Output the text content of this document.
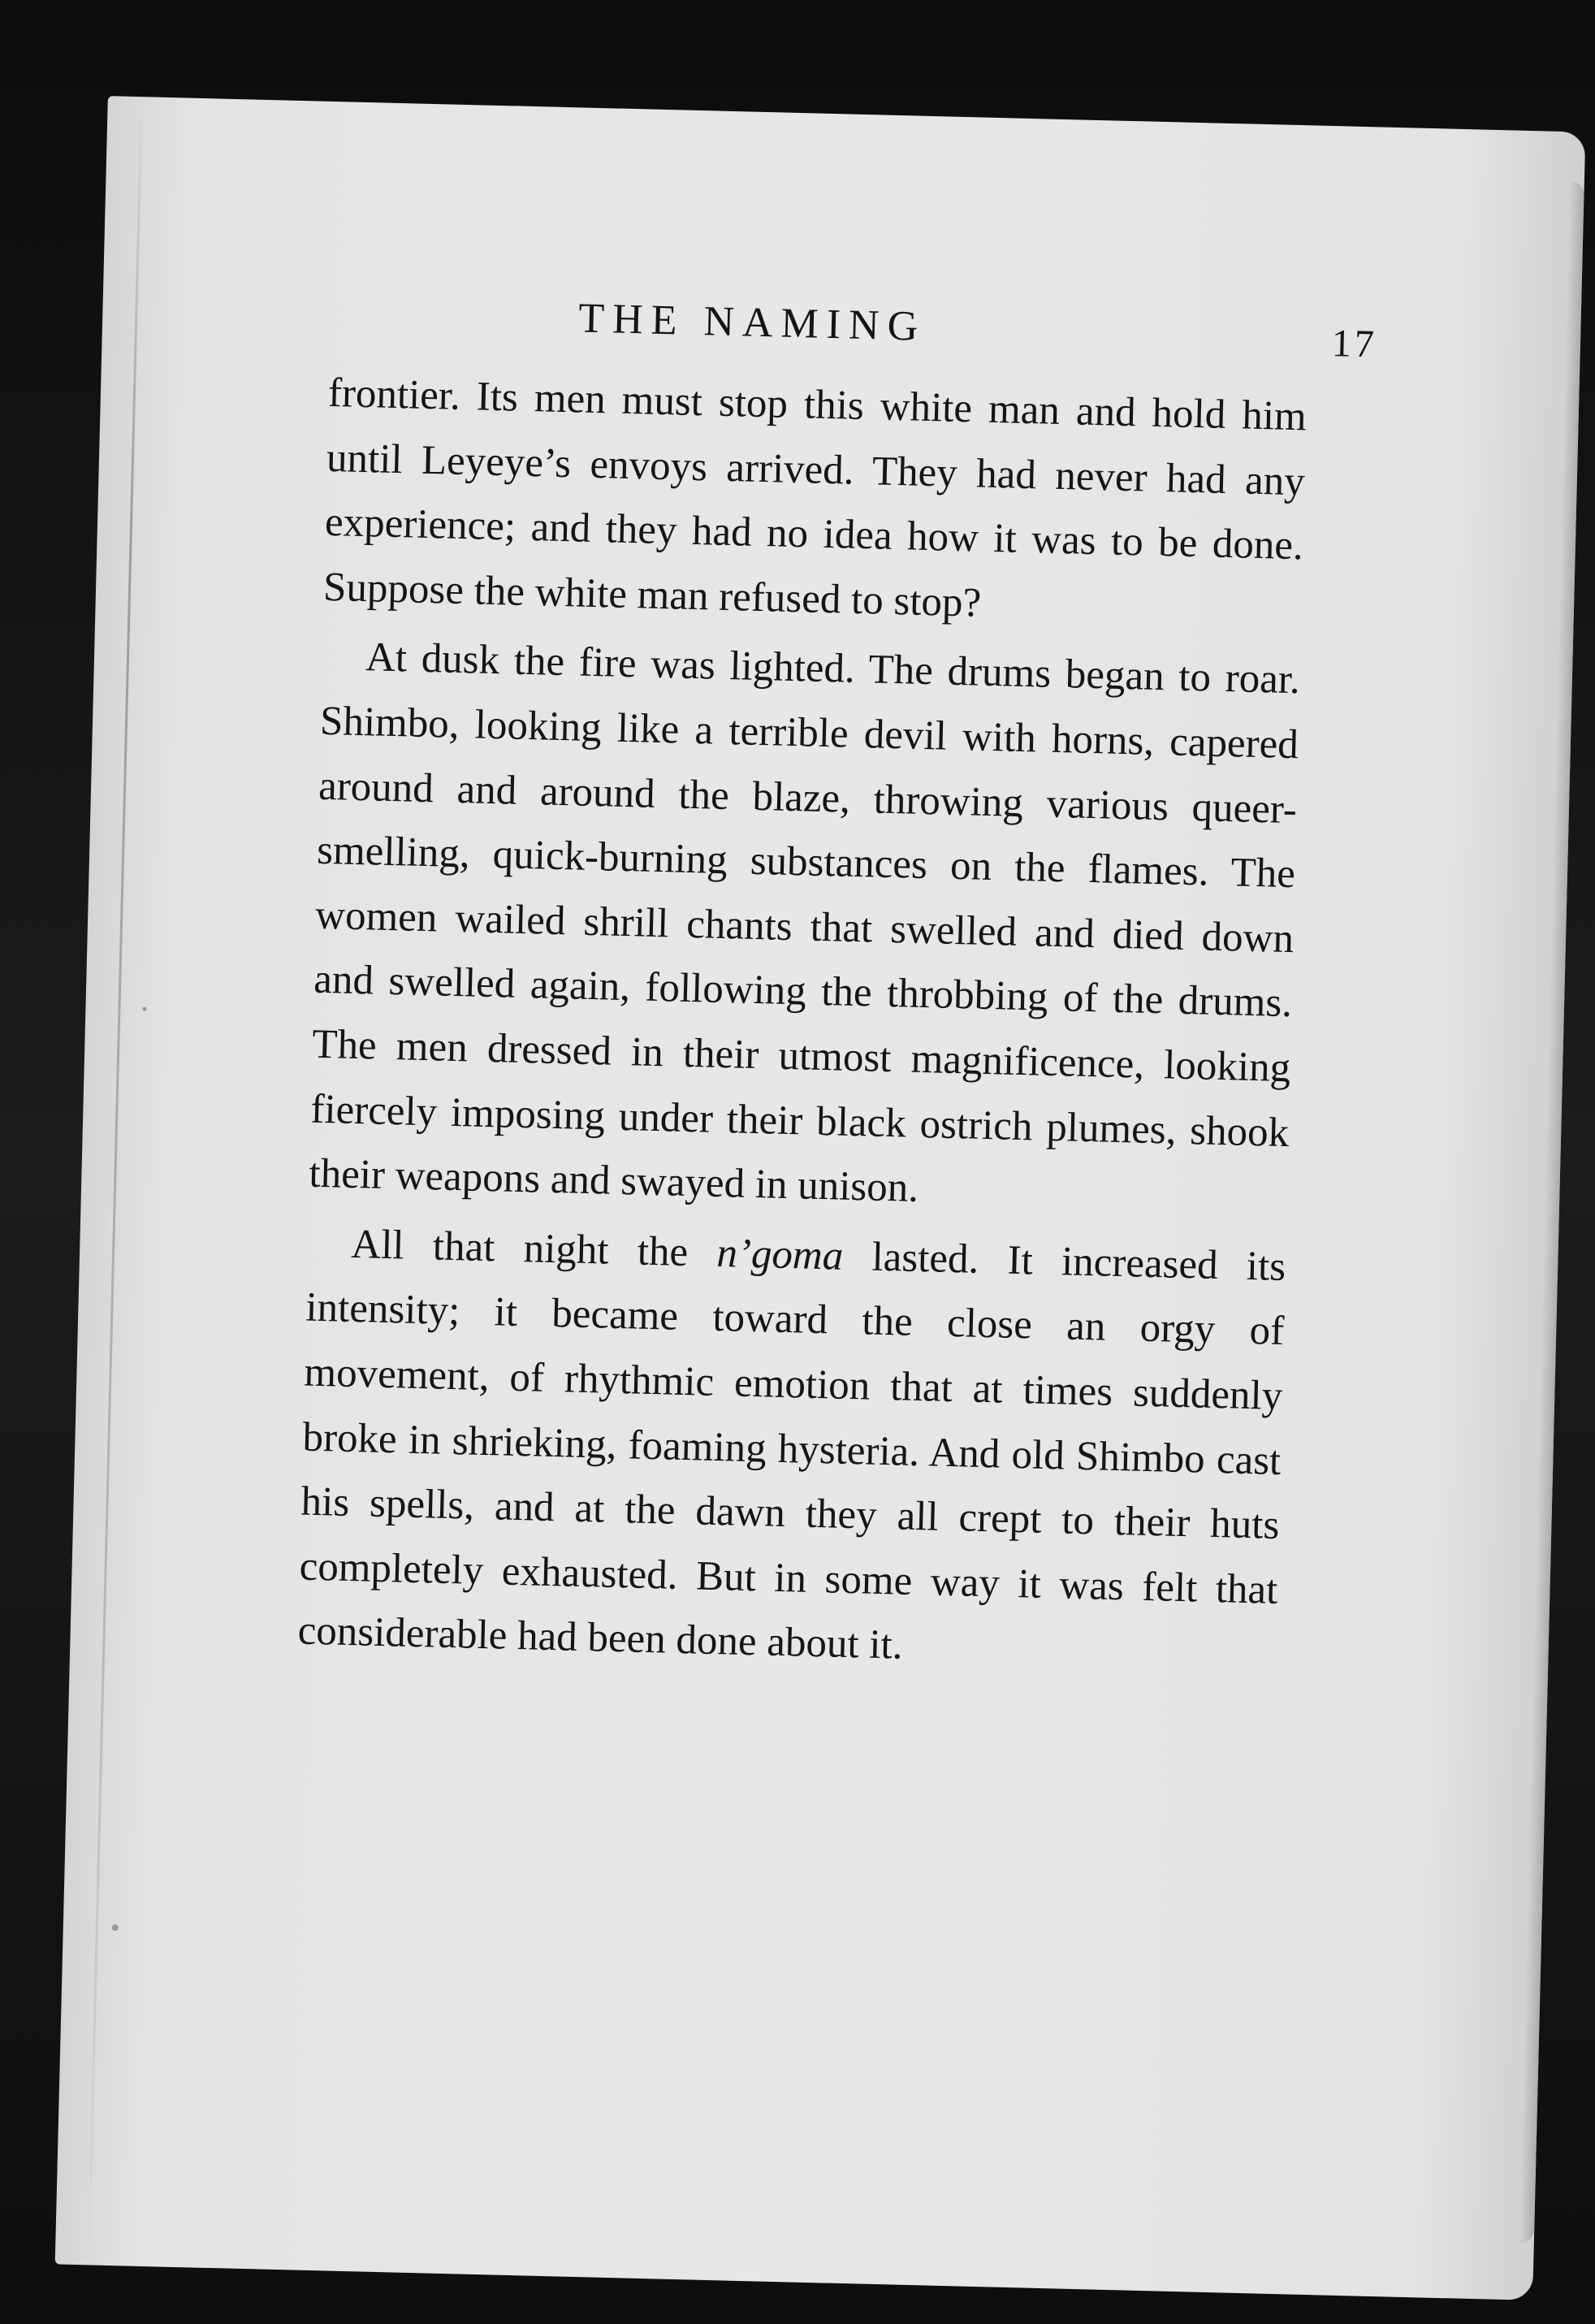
THE NAMING	17

frontier. Its men must stop this white man and hold him until Leyeye’s envoys arrived. They had never had any experience; and they had no idea how it was to be done. Suppose the white man refused to stop?

At dusk the fire was lighted. The drums began to roar. Shimbo, looking like a terrible devil with horns, capered around and around the blaze, throwing various queer-smelling, quick-burning substances on the flames. The women wailed shrill chants that swelled and died down and swelled again, following the throbbing of the drums. The men dressed in their utmost magnificence, looking fiercely imposing under their black ostrich plumes, shook their weapons and swayed in unison.

All that night the n’goma lasted. It increased its intensity; it became toward the close an orgy of movement, of rhythmic emotion that at times suddenly broke in shrieking, foaming hysteria. And old Shimbo cast his spells, and at the dawn they all crept to their huts completely exhausted. But in some way it was felt that considerable had been done about it.
